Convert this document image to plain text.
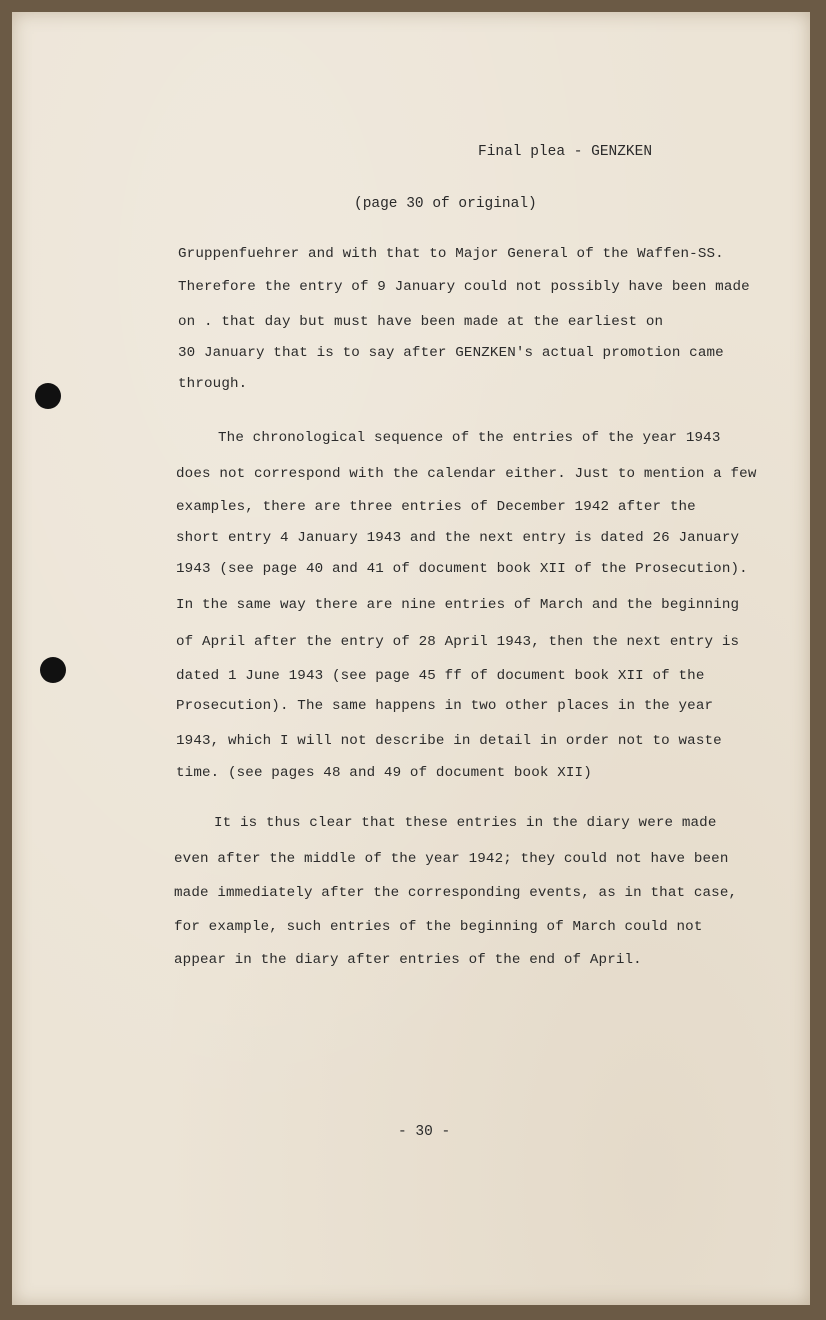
Final plea - GENZKEN
(page 30 of original)
Gruppenfuehrer and with that to Major General of the Waffen-SS.
Therefore the entry of 9 January could not possibly have been made
on . that day but must have been made at the earliest on
30 January that is to say after GENZKEN's actual promotion came
through.
The chronological sequence of the entries of the year 1943
does not correspond with the calendar either. Just to mention a few
examples, there are three entries of December 1942 after the
short entry 4 January 1943 and the next entry is dated 26 January
1943 (see page 40 and 41 of document book XII of the Prosecution).
In the same way there are nine entries of March and the beginning
of April after the entry of 28 April 1943, then the next entry is
dated 1 June 1943 (see page 45 ff of document book XII of the
Prosecution). The same happens in two other places in the year
1943, which I will not describe in detail in order not to waste
time. (see pages 48 and 49 of document book XII)
It is thus clear that these entries in the diary were made
even after the middle of the year 1942; they could not have been
made immediately after the corresponding events, as in that case,
for example, such entries of the beginning of March could not
appear in the diary after entries of the end of April.
- 30 -
